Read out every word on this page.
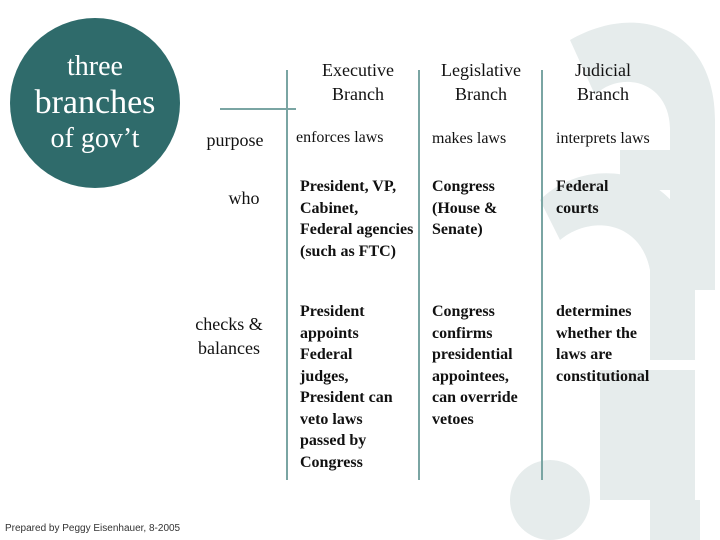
three
branches
of gov’t
Executive
Branch
Legislative
Branch
Judicial
Branch
purpose
who
checks &
balances
enforces laws	makes laws	interprets laws
President, VP, Cabinet, Federal agencies (such as FTC)
Congress (House & Senate)
Federal courts
President appoints Federal judges, President can veto laws passed by Congress
Congress confirms presidential appointees, can override vetoes
determines whether the laws are constitutional
Prepared by Peggy Eisenhauer, 8-2005
